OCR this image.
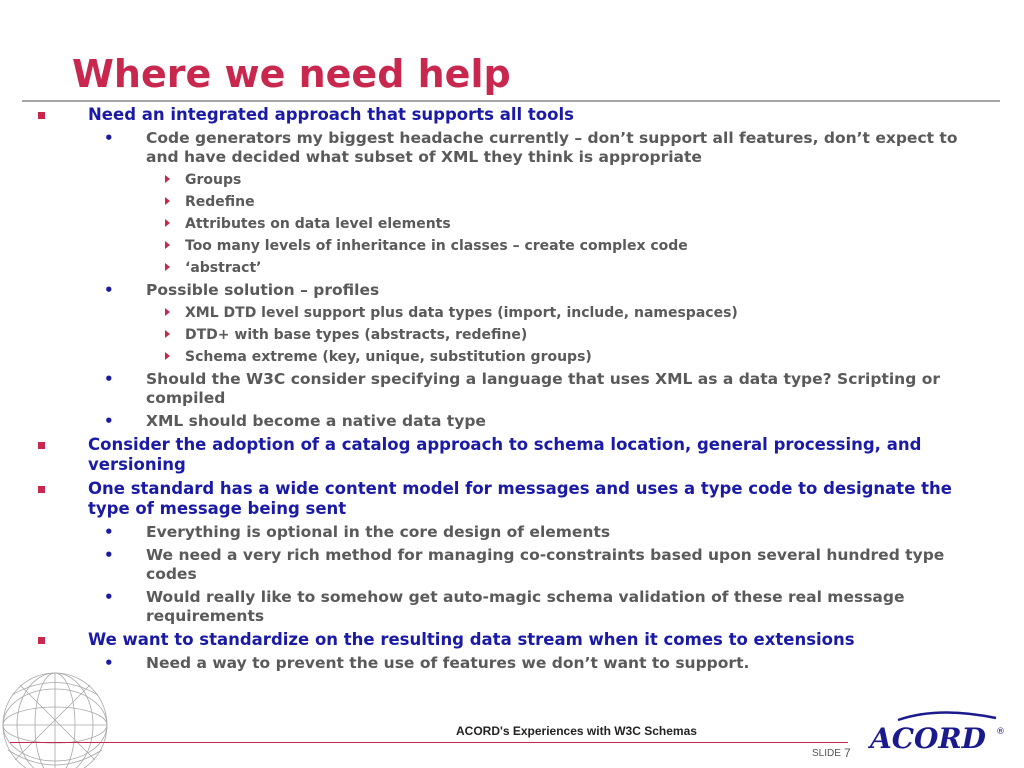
Where we need help
Need an integrated approach that supports all tools
• Code generators my biggest headache currently – don’t support all features, don’t expect to and have decided what subset of XML they think is appropriate
Groups
Redefine
Attributes on data level elements
Too many levels of inheritance in classes – create complex code
‘abstract’
• Possible solution – profiles
XML DTD level support plus data types (import, include, namespaces)
DTD+ with base types (abstracts, redefine)
Schema extreme (key, unique, substitution groups)
• Should the W3C consider specifying a language that uses XML as a data type? Scripting or compiled
• XML should become a native data type
Consider the adoption of a catalog approach to schema location, general processing, and versioning
One standard has a wide content model for messages and uses a type code to designate the type of message being sent
• Everything is optional in the core design of elements
• We need a very rich method for managing co-constraints based upon several hundred type codes
• Would really like to somehow get auto-magic schema validation of these real message requirements
We want to standardize on the resulting data stream when it comes to extensions
• Need a way to prevent the use of features we don’t want to support.
ACORD's Experiences with W3C Schemas
SLIDE 7 ACORD ®
